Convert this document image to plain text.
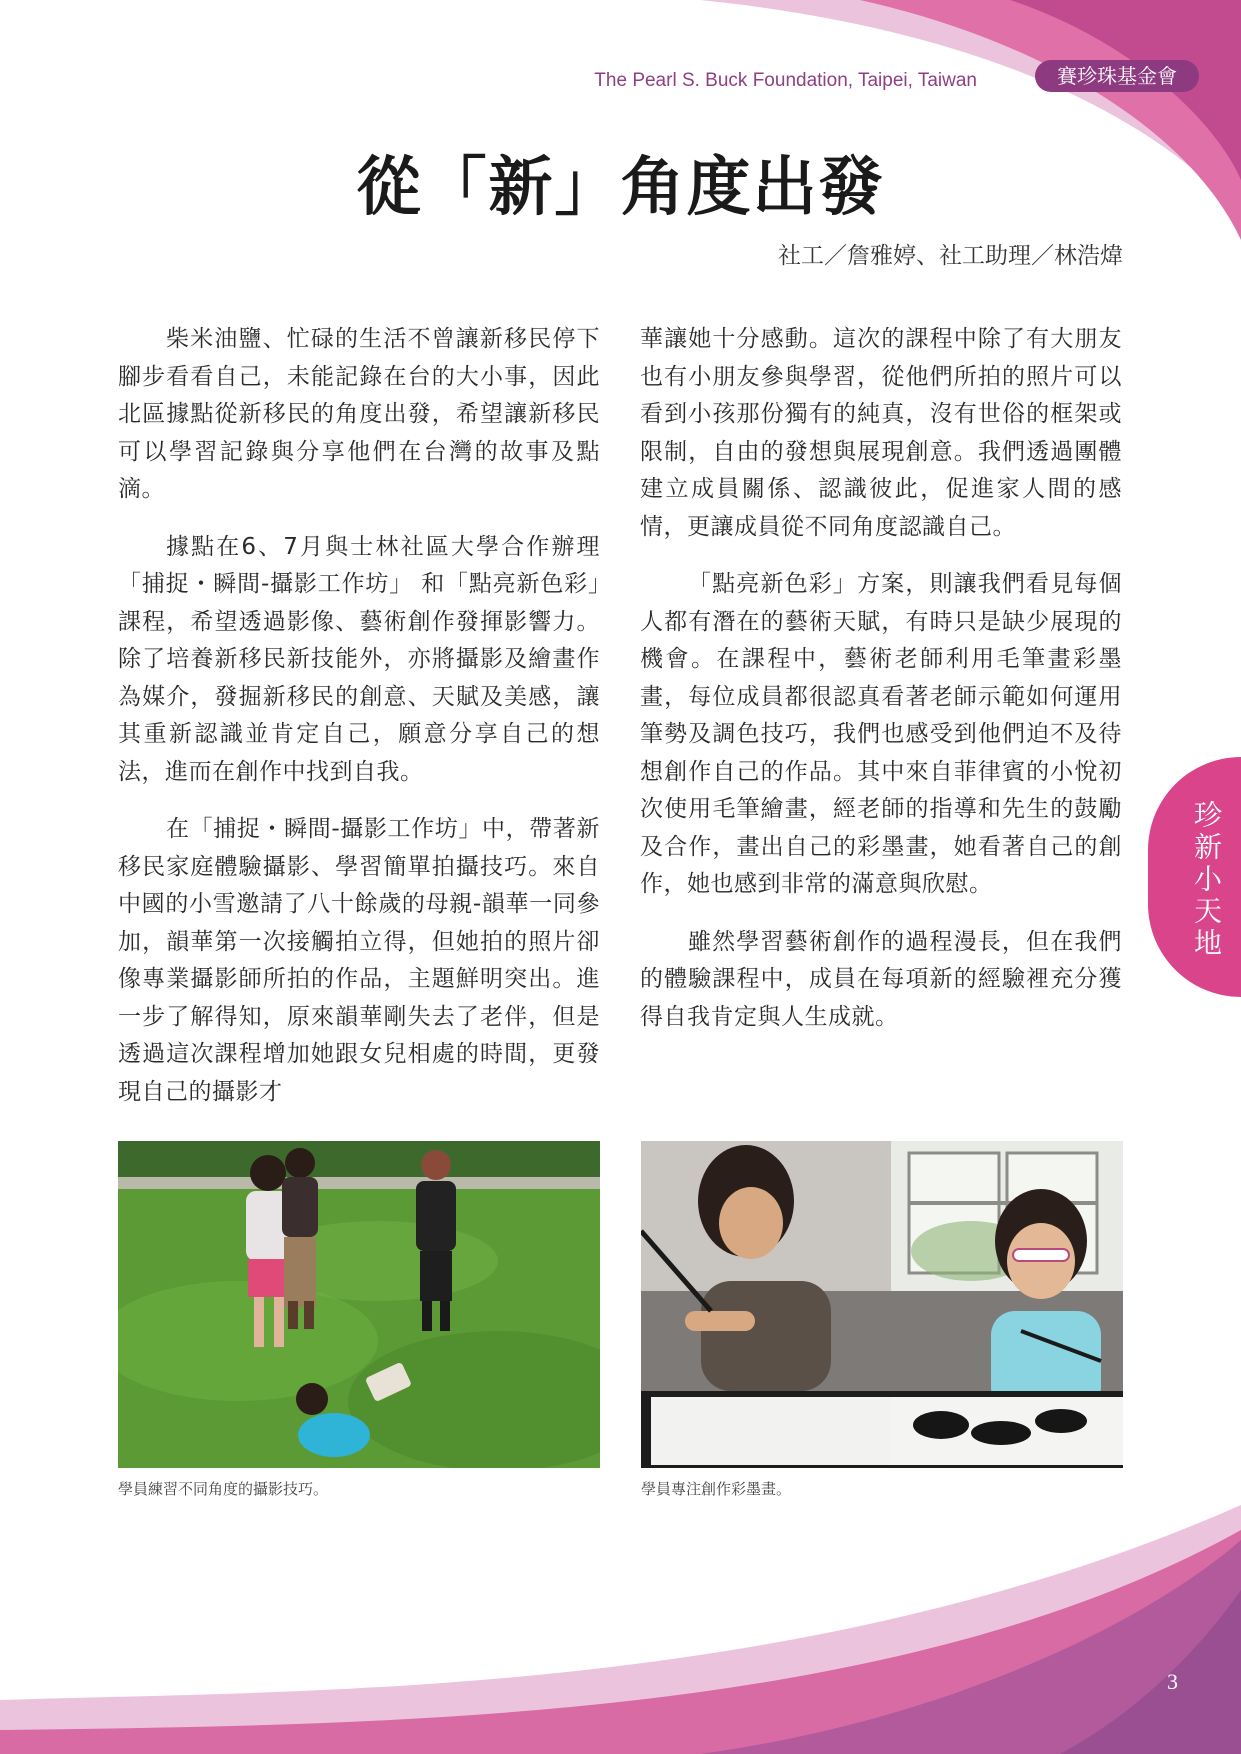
The Pearl S. Buck Foundation, Taipei, Taiwan	賽珍珠基金會
從「新」角度出發
社工／詹雅婷、社工助理／林浩煒

柴米油鹽、忙碌的生活不曾讓新移民停下腳步看看自己，未能記錄在台的大小事，因此北區據點從新移民的角度出發，希望讓新移民可以學習記錄與分享他們在台灣的故事及點滴。

據點在6、7月與士林社區大學合作辦理「捕捉・瞬間-攝影工作坊」 和「點亮新色彩」課程，希望透過影像、藝術創作發揮影響力。除了培養新移民新技能外，亦將攝影及繪畫作為媒介，發掘新移民的創意、天賦及美感，讓其重新認識並肯定自己，願意分享自己的想法，進而在創作中找到自我。

在「捕捉・瞬間-攝影工作坊」中，帶著新移民家庭體驗攝影、學習簡單拍攝技巧。來自中國的小雪邀請了八十餘歲的母親-韻華一同參加，韻華第一次接觸拍立得，但她拍的照片卻像專業攝影師所拍的作品，主題鮮明突出。進一步了解得知，原來韻華剛失去了老伴，但是透過這次課程增加她跟女兒相處的時間，更發現自己的攝影才

華讓她十分感動。這次的課程中除了有大朋友也有小朋友參與學習，從他們所拍的照片可以看到小孩那份獨有的純真，沒有世俗的框架或限制，自由的發想與展現創意。我們透過團體建立成員關係、認識彼此，促進家人間的感情，更讓成員從不同角度認識自己。

「點亮新色彩」方案，則讓我們看見每個人都有潛在的藝術天賦，有時只是缺少展現的機會。在課程中，藝術老師利用毛筆畫彩墨畫，每位成員都很認真看著老師示範如何運用筆勢及調色技巧，我們也感受到他們迫不及待想創作自己的作品。其中來自菲律賓的小悅初次使用毛筆繪畫，經老師的指導和先生的鼓勵及合作，畫出自己的彩墨畫，她看著自己的創作，她也感到非常的滿意與欣慰。

雖然學習藝術創作的過程漫長，但在我們的體驗課程中，成員在每項新的經驗裡充分獲得自我肯定與人生成就。

學員練習不同角度的攝影技巧。	學員專注創作彩墨畫。
珍新小天地
3
